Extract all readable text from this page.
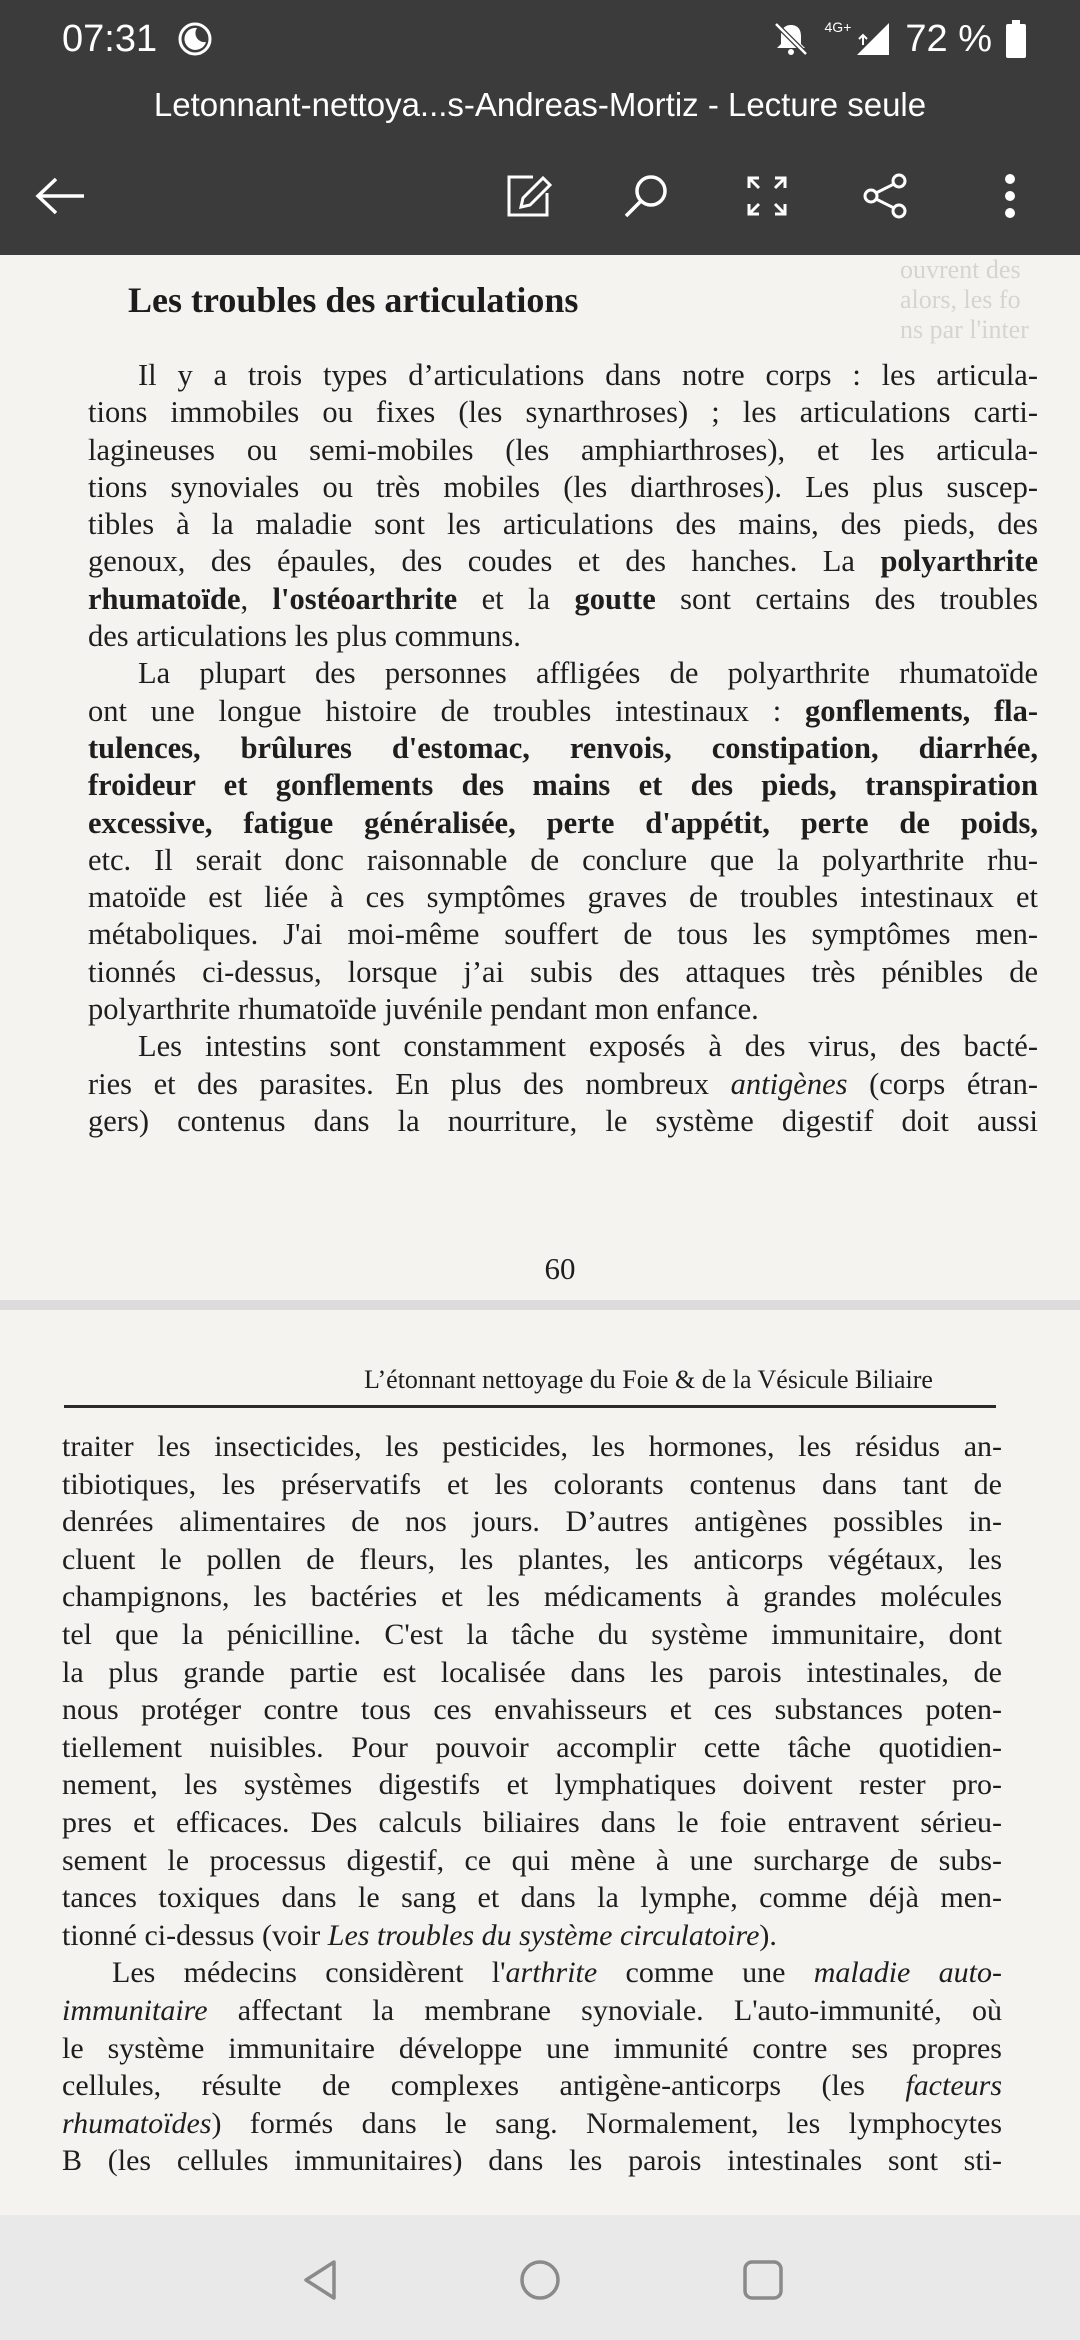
07:31	4G+ 72 %
Letonnant-nettoya...s-Andreas-Mortiz - Lecture seule
ouvrent des
alors, les fo
ns par l'inter
Les troubles des articulations
Il y a trois types d’articulations dans notre corps : les articula-
tions immobiles ou fixes (les synarthroses) ; les articulations carti-
lagineuses ou semi-mobiles (les amphiarthroses), et les articula-
tions synoviales ou très mobiles (les diarthroses). Les plus suscep-
tibles à la maladie sont les articulations des mains, des pieds, des
genoux, des épaules, des coudes et des hanches. La polyarthrite
rhumatoïde, l'ostéoarthrite et la goutte sont certains des troubles
des articulations les plus communs.
La plupart des personnes affligées de polyarthrite rhumatoïde
ont une longue histoire de troubles intestinaux : gonflements, fla-
tulences, brûlures d'estomac, renvois, constipation, diarrhée,
froideur et gonflements des mains et des pieds, transpiration
excessive, fatigue généralisée, perte d'appétit, perte de poids,
etc. Il serait donc raisonnable de conclure que la polyarthrite rhu-
matoïde est liée à ces symptômes graves de troubles intestinaux et
métaboliques. J'ai moi-même souffert de tous les symptômes men-
tionnés ci-dessus, lorsque j’ai subis des attaques très pénibles de
polyarthrite rhumatoïde juvénile pendant mon enfance.
Les intestins sont constamment exposés à des virus, des bacté-
ries et des parasites. En plus des nombreux antigènes (corps étran-
gers) contenus dans la nourriture, le système digestif doit aussi
60
L’étonnant nettoyage du Foie & de la Vésicule Biliaire
traiter les insecticides, les pesticides, les hormones, les résidus an-
tibiotiques, les préservatifs et les colorants contenus dans tant de
denrées alimentaires de nos jours. D’autres antigènes possibles in-
cluent le pollen de fleurs, les plantes, les anticorps végétaux, les
champignons, les bactéries et les médicaments à grandes molécules
tel que la pénicilline. C'est la tâche du système immunitaire, dont
la plus grande partie est localisée dans les parois intestinales, de
nous protéger contre tous ces envahisseurs et ces substances poten-
tiellement nuisibles. Pour pouvoir accomplir cette tâche quotidien-
nement, les systèmes digestifs et lymphatiques doivent rester pro-
pres et efficaces. Des calculs biliaires dans le foie entravent sérieu-
sement le processus digestif, ce qui mène à une surcharge de subs-
tances toxiques dans le sang et dans la lymphe, comme déjà men-
tionné ci-dessus (voir Les troubles du système circulatoire).
Les médecins considèrent l'arthrite comme une maladie auto-
immunitaire affectant la membrane synoviale. L'auto-immunité, où
le système immunitaire développe une immunité contre ses propres
cellules, résulte de complexes antigène-anticorps (les facteurs
rhumatoïdes) formés dans le sang. Normalement, les lymphocytes
B (les cellules immunitaires) dans les parois intestinales sont sti-
